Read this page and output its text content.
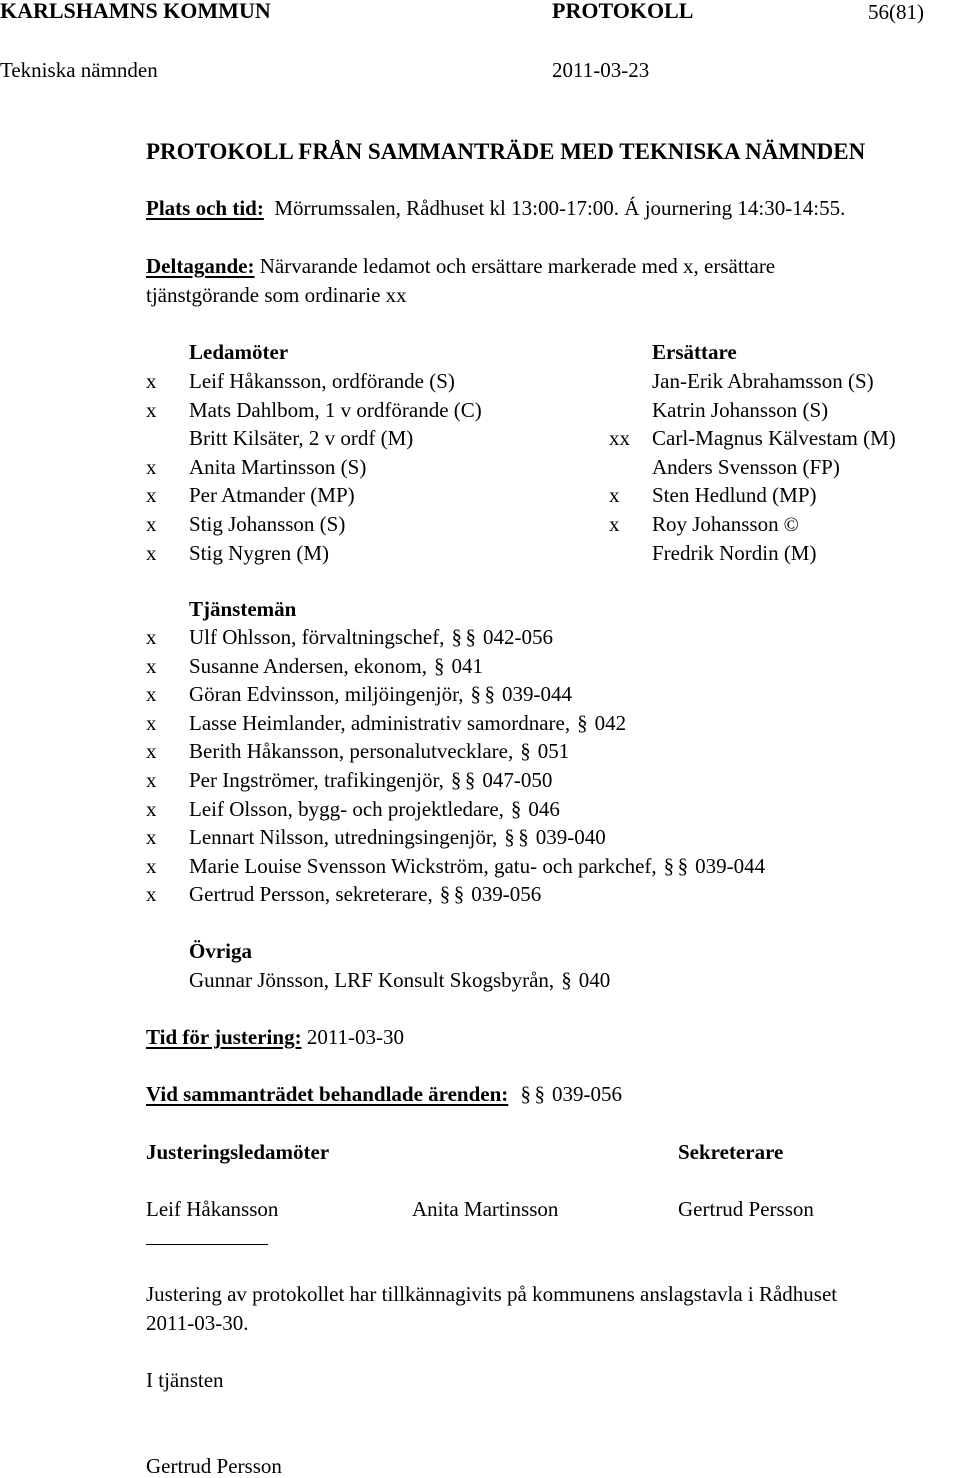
KARLSHAMNS KOMMUN	PROTOKOLL	56(81)
Tekniska nämnden	2011-03-23
PROTOKOLL FRÅN SAMMANTRÄDE MED TEKNISKA NÄMNDEN
Plats och tid: Mörrumssalen, Rådhuset kl 13:00-17:00. Á journering 14:30-14:55.
Deltagande: Närvarande ledamot och ersättare markerade med x, ersättare
tjänstgörande som ordinarie xx
Ledamöter	Ersättare
x Leif Håkansson, ordförande (S)	Jan-Erik Abrahamsson (S)
x Mats Dahlbom, 1 v ordförande (C)	Katrin Johansson (S)
Britt Kilsäter, 2 v ordf (M)	xx Carl-Magnus Kälvestam (M)
x Anita Martinsson (S)	Anders Svensson (FP)
x Per Atmander (MP)	x Sten Hedlund (MP)
x Stig Johansson (S)	x Roy Johansson ©
x Stig Nygren (M)	Fredrik Nordin (M)
Tjänstemän
x Ulf Ohlsson, förvaltningschef, § § 042-056
x Susanne Andersen, ekonom, § 041
x Göran Edvinsson, miljöingenjör, § § 039-044
x Lasse Heimlander, administrativ samordnare, § 042
x Berith Håkansson, personalutvecklare, § 051
x Per Ingströmer, trafikingenjör, § § 047-050
x Leif Olsson, bygg- och projektledare, § 046
x Lennart Nilsson, utredningsingenjör, § § 039-040
x Marie Louise Svensson Wickström, gatu- och parkchef, § § 039-044
x Gertrud Persson, sekreterare, § § 039-056
Övriga
Gunnar Jönsson, LRF Konsult Skogsbyrån, § 040
Tid för justering: 2011-03-30
Vid sammanträdet behandlade ärenden: § § 039-056
Justeringsledamöter	Sekreterare
Leif Håkansson	Anita Martinsson	Gertrud Persson
Justering av protokollet har tillkännagivits på kommunens anslagstavla i Rådhuset
2011-03-30.
I tjänsten
Gertrud Persson
